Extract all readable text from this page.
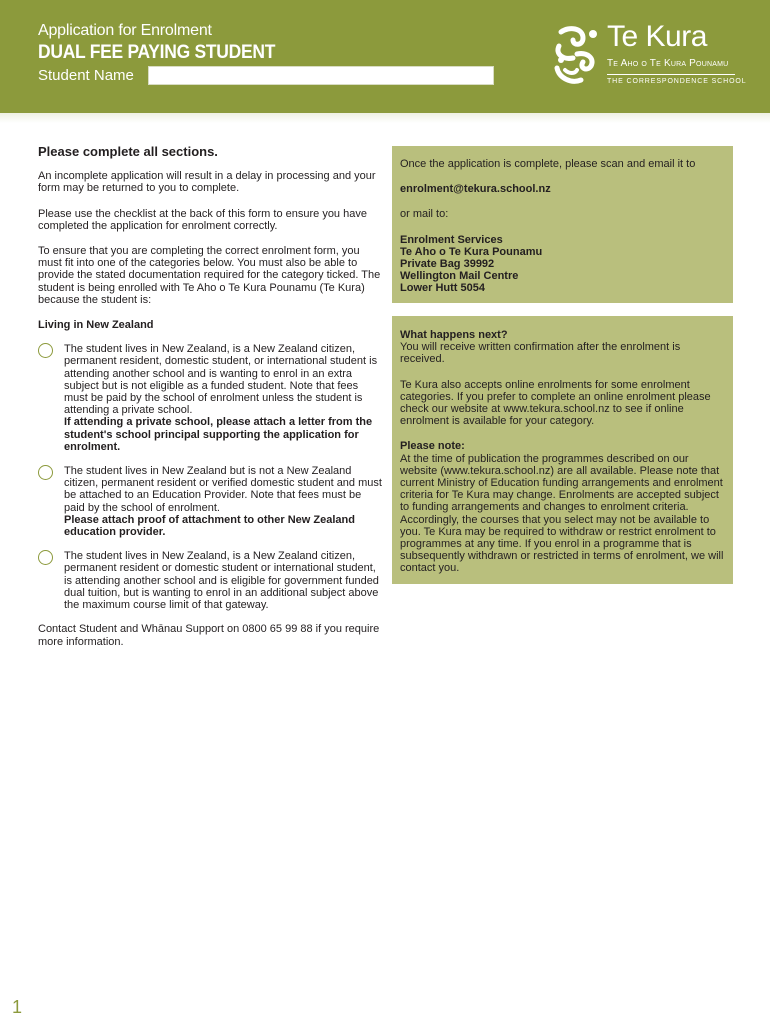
Application for Enrolment
DUAL FEE PAYING STUDENT
Student Name
Te Kura
Te Aho o Te Kura Pounamu
THE CORRESPONDENCE SCHOOL
Please complete all sections.

An incomplete application will result in a delay in processing and your form may be returned to you to complete.

Please use the checklist at the back of this form to ensure you have completed the application for enrolment correctly.

To ensure that you are completing the correct enrolment form, you must fit into one of the categories below. You must also be able to provide the stated documentation required for the category ticked. The student is being enrolled with Te Aho o Te Kura Pounamu (Te Kura) because the student is:

Living in New Zealand
The student lives in New Zealand, is a New Zealand citizen, permanent resident, domestic student, or international student is attending another school and is wanting to enrol in an extra subject but is not eligible as a funded student. Note that fees must be paid by the school of enrolment unless the student is attending a private school.
If attending a private school, please attach a letter from the student's school principal supporting the application for enrolment.
The student lives in New Zealand but is not a New Zealand citizen, permanent resident or verified domestic student and must be attached to an Education Provider. Note that fees must be paid by the school of enrolment.
Please attach proof of attachment to other New Zealand education provider.
The student lives in New Zealand, is a New Zealand citizen, permanent resident or domestic student or international student, is attending another school and is eligible for government funded dual tuition, but is wanting to enrol in an additional subject above the maximum course limit of that gateway.

Contact Student and Whānau Support on 0800 65 99 88 if you require more information.

Once the application is complete, please scan and email it to

enrolment@tekura.school.nz

or mail to:

Enrolment Services
Te Aho o Te Kura Pounamu
Private Bag 39992
Wellington Mail Centre
Lower Hutt 5054
What happens next?

You will receive written confirmation after the enrolment is received.

Te Kura also accepts online enrolments for some enrolment categories. If you prefer to complete an online enrolment please check our website at www.tekura.school.nz to see if online enrolment is available for your category.

Please note:

At the time of publication the programmes described on our website (www.tekura.school.nz) are all available. Please note that current Ministry of Education funding arrangements and enrolment criteria for Te Kura may change. Enrolments are accepted subject to funding arrangements and changes to enrolment criteria. Accordingly, the courses that you select may not be available to you. Te Kura may be required to withdraw or restrict enrolment to programmes at any time. If you enrol in a programme that is subsequently withdrawn or restricted in terms of enrolment, we will contact you.

1
